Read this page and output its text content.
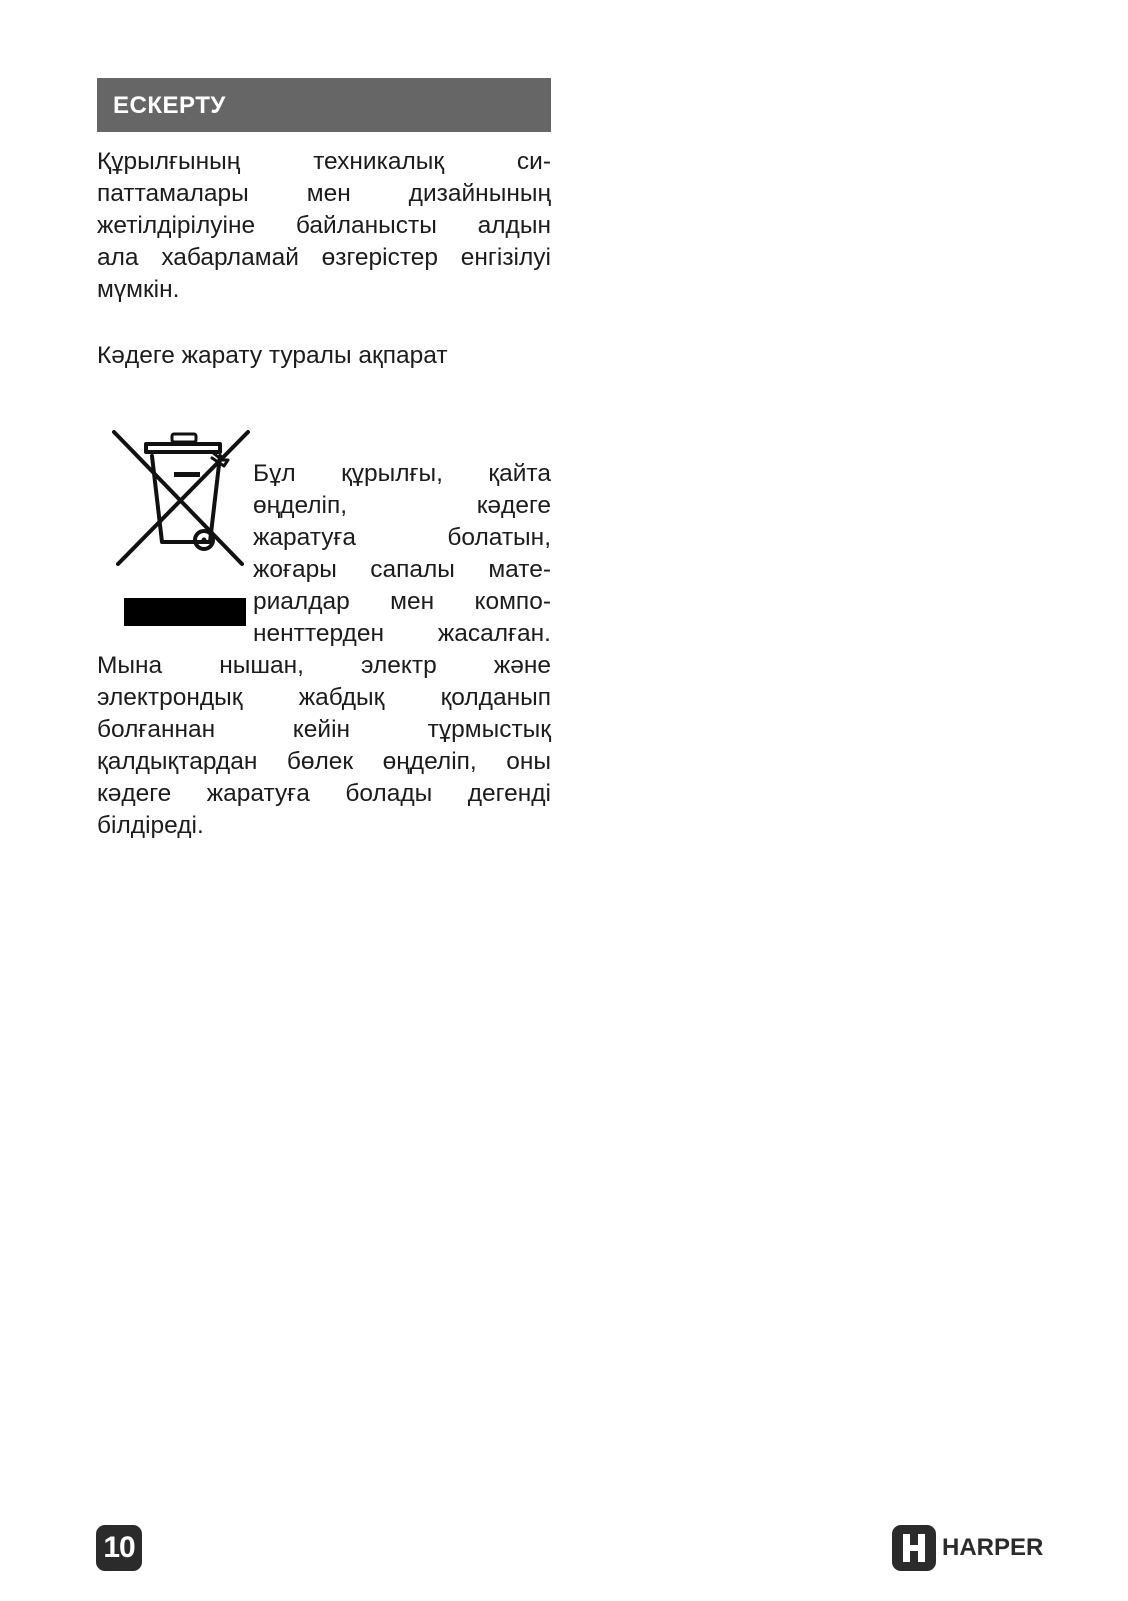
ЕСКЕРТУ
Құрылғының	техникалық	си-
паттамалары мен дизайнының
жетілдірілуіне байланысты алдын
ала хабарламай өзгерістер енгізілуі
мүмкін.
Кәдеге жарату туралы ақпарат
Бұл құрылғы, қайта
өңделіп,	кәдеге
жаратуға	болатын,
жоғары сапалы мате-
риалдар мен компо-
ненттерден жасалған.
Мына нышан, электр және
электрондық жабдық қолданып
болғаннан	кейін	тұрмыстық
қалдықтардан бөлек өңделіп, оны
кәдеге жаратуға болады дегенді
білдіреді.
10	HARPER
